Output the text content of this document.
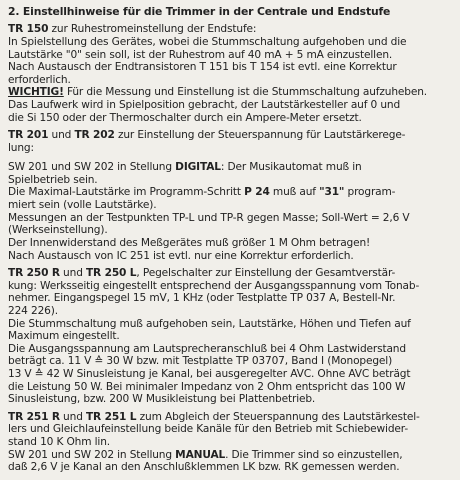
2. Einstellhinweise für die Trimmer in der Centrale und Endstufe
TR 150 zur Ruhestromeinstellung der Endstufe:
In Spielstellung des Gerätes, wobei die Stummschaltung aufgehoben und die
Lautstärke "0" sein soll, ist der Ruhestrom auf 40 mA + 5 mA einzustellen.
Nach Austausch der Endtransistoren T 151 bis T 154 ist evtl. eine Korrektur
erforderlich.
WICHTIG! Für die Messung und Einstellung ist die Stummschaltung aufzuheben.
Das Laufwerk wird in Spielposition gebracht, der Lautstärkesteller auf 0 und
die Si 150 oder der Thermoschalter durch ein Ampere-Meter ersetzt.
TR 201 und TR 202 zur Einstellung der Steuerspannung für Lautstärkerege-
lung:
SW 201 und SW 202 in Stellung DIGITAL: Der Musikautomat muß in
Spielbetrieb sein.
Die Maximal-Lautstärke im Programm-Schritt P 24 muß auf "31" program-
miert sein (volle Lautstärke).
Messungen an der Testpunkten TP-L und TP-R gegen Masse; Soll-Wert = 2,6 V
(Werkseinstellung).
Der Innenwiderstand des Meßgerätes muß größer 1 M Ohm betragen!
Nach Austausch von IC 251 ist evtl. nur eine Korrektur erforderlich.
TR 250 R und TR 250 L, Pegelschalter zur Einstellung der Gesamtverstär-
kung: Werksseitig eingestellt entsprechend der Ausgangsspannung vom Tonab-
nehmer. Eingangspegel 15 mV, 1 KHz (oder Testplatte TP 037 A, Bestell-Nr.
224 226).
Die Stummschaltung muß aufgehoben sein, Lautstärke, Höhen und Tiefen auf
Maximum eingestellt.
Die Ausgangsspannung am Lautsprecheranschluß bei 4 Ohm Lastwiderstand
beträgt ca. 11 V ≙ 30 W bzw. mit Testplatte TP 03707, Band I (Monopegel)
13 V ≙ 42 W Sinusleistung je Kanal, bei ausgeregelter AVC. Ohne AVC beträgt
die Leistung 50 W. Bei minimaler Impedanz von 2 Ohm entspricht das 100 W
Sinusleistung, bzw. 200 W Musikleistung bei Plattenbetrieb.
TR 251 R und TR 251 L zum Abgleich der Steuerspannung des Lautstärkestel-
lers und Gleichlaufeinstellung beide Kanäle für den Betrieb mit Schiebewider-
stand 10 K Ohm lin.
SW 201 und SW 202 in Stellung MANUAL. Die Trimmer sind so einzustellen,
daß 2,6 V je Kanal an den Anschlußklemmen LK bzw. RK gemessen werden.
